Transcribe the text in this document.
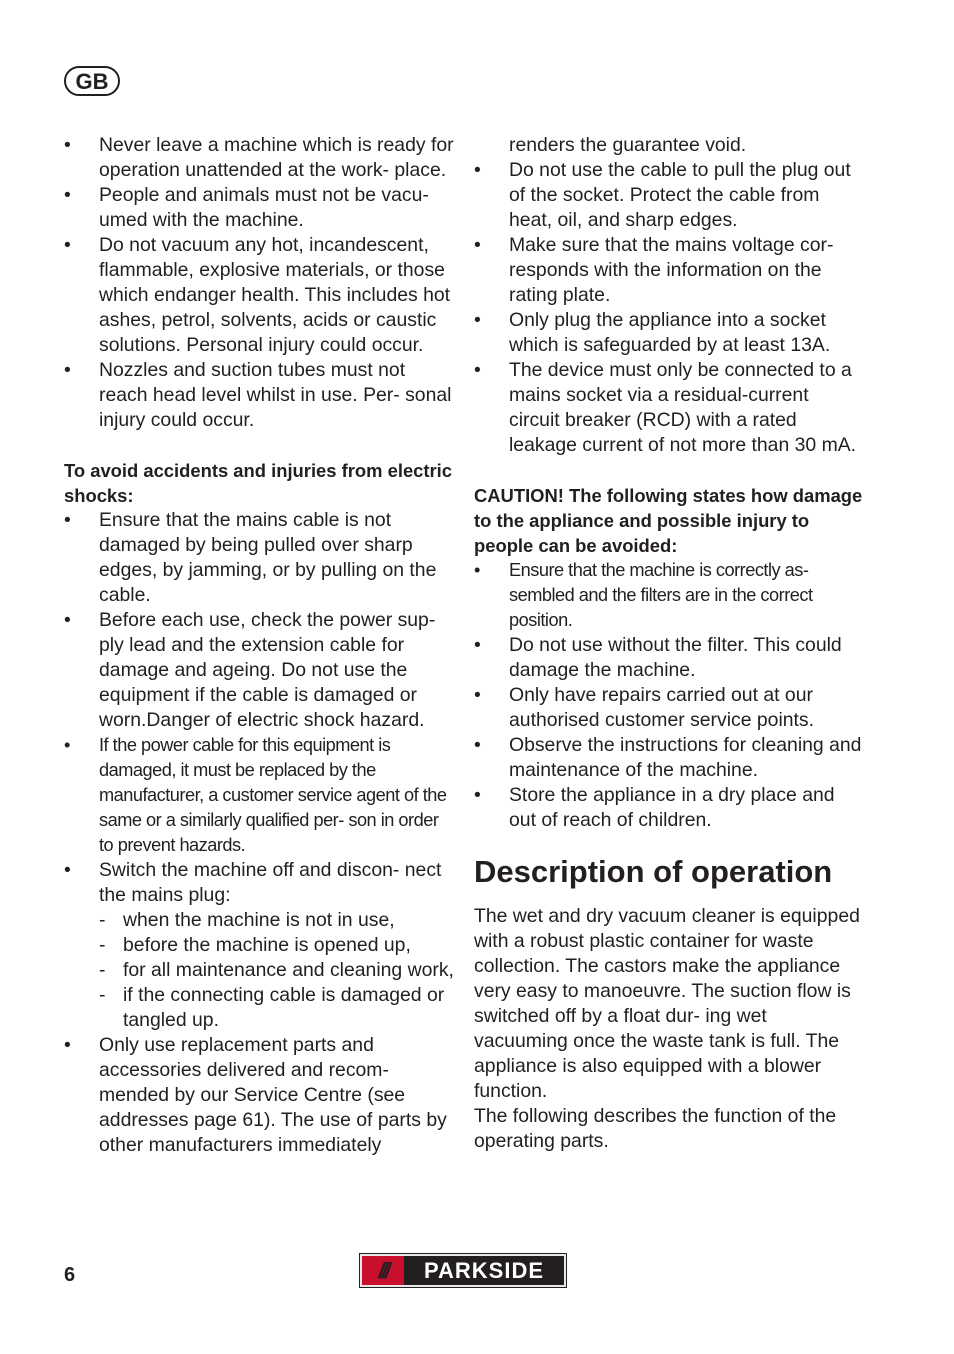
GB
• Never leave a machine which is ready for operation unattended at the work- place.
• People and animals must not be vacu- umed with the machine.
• Do not vacuum any hot, incandescent, flammable, explosive materials, or those which endanger health. This includes hot ashes, petrol, solvents, acids or caustic solutions. Personal injury could occur.
• Nozzles and suction tubes must not reach head level whilst in use. Per- sonal injury could occur.
To avoid accidents and injuries from electric shocks:
• Ensure that the mains cable is not damaged by being pulled over sharp edges, by jamming, or by pulling on the cable.
• Before each use, check the power sup- ply lead and the extension cable for damage and ageing. Do not use the equipment if the cable is damaged or worn.Danger of electric shock hazard.
• If the power cable for this equipment is damaged, it must be replaced by the manufacturer, a customer service agent of the same or a similarly qualified per- son in order to prevent hazards.
• Switch the machine off and discon- nect the mains plug:
- when the machine is not in use,
- before the machine is opened up,
- for all maintenance and cleaning work,
- if the connecting cable is damaged or tangled up.
• Only use replacement parts and accessories delivered and recom- mended by our Service Centre (see addresses page 61). The use of parts by other manufacturers immediately
renders the guarantee void.
• Do not use the cable to pull the plug out of the socket. Protect the cable from heat, oil, and sharp edges.
• Make sure that the mains voltage cor- responds with the information on the rating plate.
• Only plug the appliance into a socket which is safeguarded by at least 13A.
• The device must only be connected to a mains socket via a residual-current circuit breaker (RCD) with a rated leakage current of not more than 30 mA.
CAUTION! The following states how damage to the appliance and possible injury to people can be avoided:
• Ensure that the machine is correctly as- sembled and the filters are in the correct position.
• Do not use without the filter. This could damage the machine.
• Only have repairs carried out at our authorised customer service points.
• Observe the instructions for cleaning and maintenance of the machine.
• Store the appliance in a dry place and out of reach of children.
Description of operation
The wet and dry vacuum cleaner is equipped with a robust plastic container for waste collection. The castors make the appliance very easy to manoeuvre. The suction flow is switched off by a float dur- ing wet vacuuming once the waste tank is full. The appliance is also equipped with a blower function.
The following describes the function of the operating parts.
6	///	PARKSIDE
